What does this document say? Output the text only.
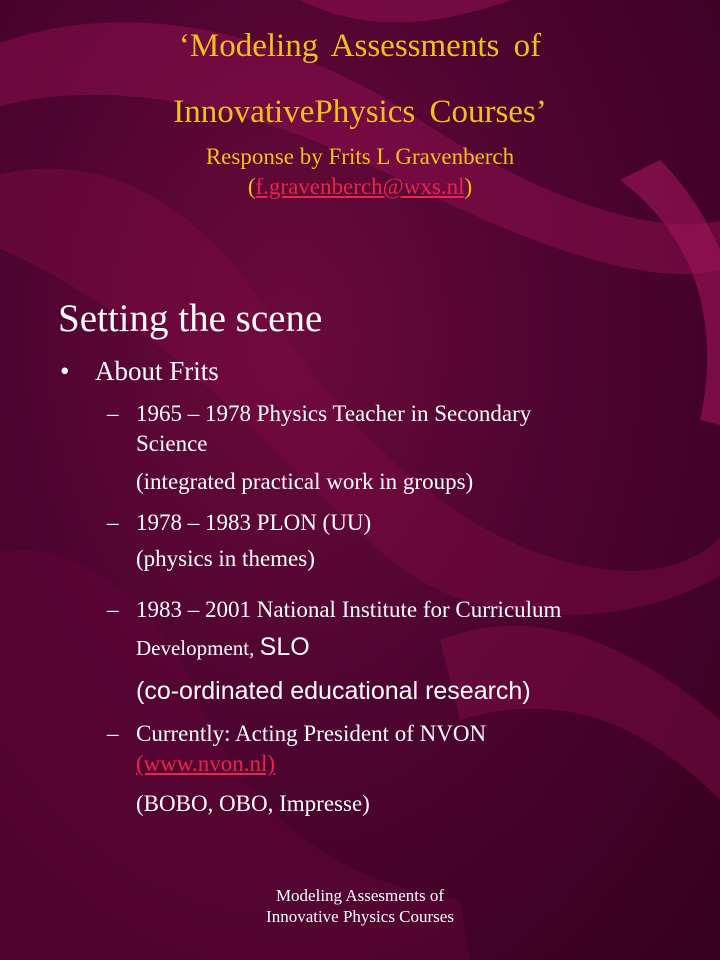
‘Modeling Assessments of
InnovativePhysics Courses’
Response by Frits L Gravenberch
(f.gravenberch@wxs.nl)
Setting the scene
• About Frits
– 1965 – 1978 Physics Teacher in Secondary
Science
(integrated practical work in groups)
– 1978 – 1983 PLON (UU)
(physics in themes)
– 1983 – 2001 National Institute for Curriculum
Development, SLO
(co-ordinated educational research)
– Currently: Acting President of NVON
(www.nvon.nl)
(BOBO, OBO, Impresse)
Modeling Assesments of
Innovative Physics Courses
